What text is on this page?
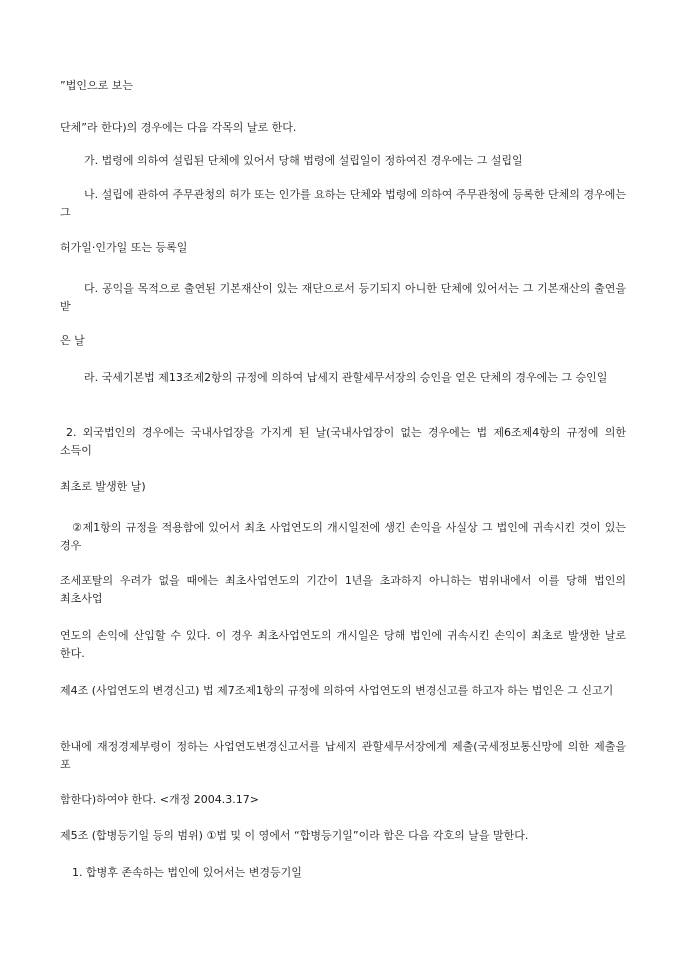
”법인으로 보는
단체”라 한다)의 경우에는 다음 각목의 날로 한다.
가. 법령에 의하여 설립된 단체에 있어서 당해 법령에 설립일이 정하여진 경우에는 그 설립일
나. 설립에 관하여 주무관청의 허가 또는 인가를 요하는 단체와 법령에 의하여 주무관청에 등록한 단체의 경우에는 그
허가일·인가일 또는 등록일
다. 공익을 목적으로 출연된 기본재산이 있는 재단으로서 등기되지 아니한 단체에 있어서는 그 기본재산의 출연을 받
은 날
라. 국세기본법 제13조제2항의 규정에 의하여 납세지 관할세무서장의 승인을 얻은 단체의 경우에는 그 승인일
2. 외국법인의 경우에는 국내사업장을 가지게 된 날(국내사업장이 없는 경우에는 법 제6조제4항의 규정에 의한 소득이
최초로 발생한 날)
②제1항의 규정을 적용함에 있어서 최초 사업연도의 개시일전에 생긴 손익을 사실상 그 법인에 귀속시킨 것이 있는 경우
조세포탈의 우려가 없을 때에는 최초사업연도의 기간이 1년을 초과하지 아니하는 범위내에서 이를 당해 법인의 최초사업
연도의 손익에 산입할 수 있다. 이 경우 최초사업연도의 개시일은 당해 법인에 귀속시킨 손익이 최초로 발생한 날로 한다.
제4조 (사업연도의 변경신고) 법 제7조제1항의 규정에 의하여 사업연도의 변경신고를 하고자 하는 법인은 그 신고기
한내에 재정경제부령이 정하는 사업연도변경신고서를 납세지 관할세무서장에게 제출(국세정보통신망에 의한 제출을 포
함한다)하여야 한다. <개정 2004.3.17>
제5조 (합병등기일 등의 범위) ①법 및 이 영에서 “합병등기일”이라 함은 다음 각호의 날을 말한다.
1. 합병후 존속하는 법인에 있어서는 변경등기일
